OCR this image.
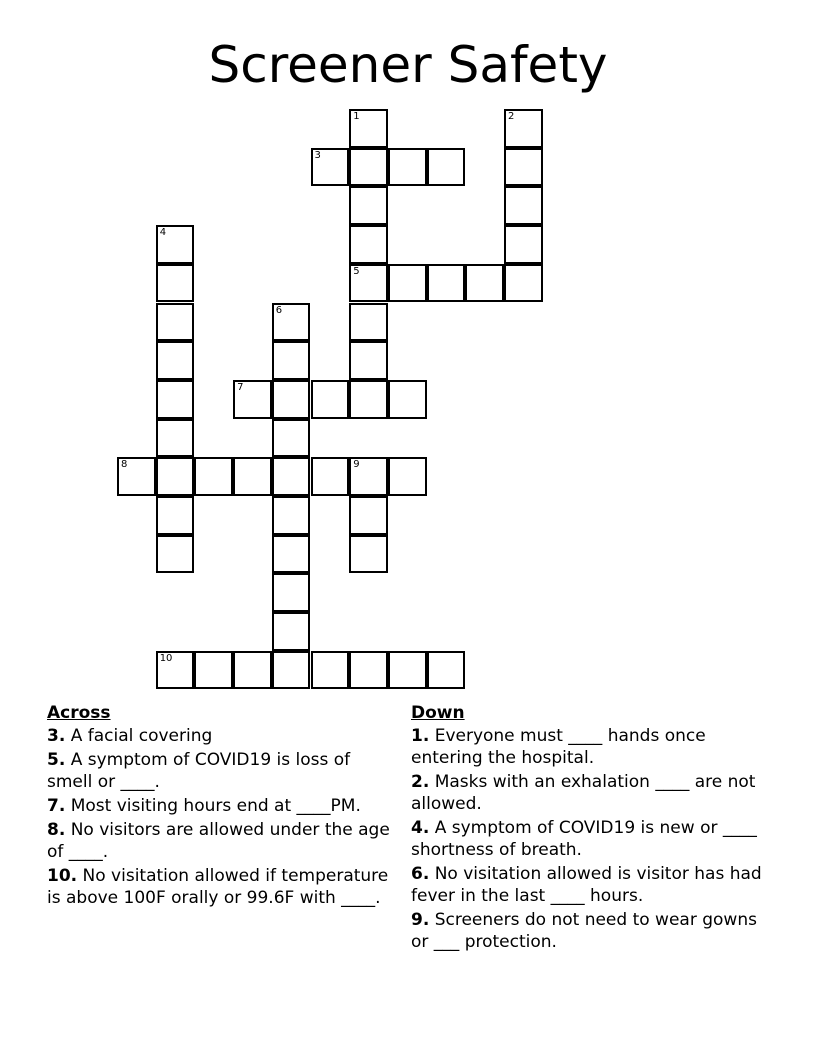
Screener Safety
1
5
2
3
4
6
7
8	9
10
Across
3. A facial covering
5. A symptom of COVID19 is loss of smell or ____.
7. Most visiting hours end at ____PM.
8. No visitors are allowed under the age of ____.
10. No visitation allowed if temperature is above 100F orally or 99.6F with ____.
Down
1. Everyone must ____ hands once entering the hospital.
2. Masks with an exhalation ____ are not allowed.
4. A symptom of COVID19 is new or ____ shortness of breath.
6. No visitation allowed is visitor has had fever in the last ____ hours.
9. Screeners do not need to wear gowns or ___ protection.
